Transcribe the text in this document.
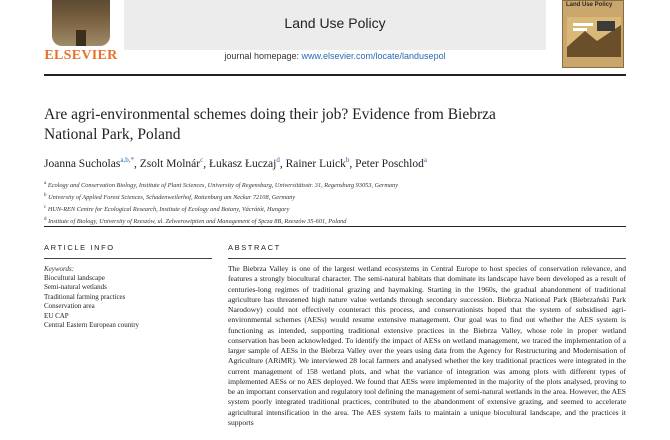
ELSEVIER
Land Use Policy
journal homepage: www.elsevier.com/locate/landusepol
Land Use Policy
Are agri-environmental schemes doing their job? Evidence from Biebrza
National Park, Poland
Joanna Sucholas$^{a,b,*}$, Zsolt Molnár$^c$, Łukasz Łuczaj$^d$, Rainer Luick$^b$, Peter Poschlod$^a$
$^a$ Ecology and Conservation Biology, Institute of Plant Sciences, University of Regensburg, Universitätsstr. 31, Regensburg 93053, Germany
$^b$ University of Applied Forest Sciences, Schadenweilerhof, Rottenburg am Neckar 72108, Germany
$^c$ HUN-REN Centre for Ecological Research, Institute of Ecology and Botany, Vácrátót, Hungary
$^d$ Institute of Biology, University of Rzeszów, ul. Zelwerowiptien and Management of Spcza 8B, Rzeszów 35-601, Poland
ARTICLE INFO
Keywords:
Biocultural landscape
Semi-natural wetlands
Traditional farming practices
Conservation area
EU CAP
Central Eastern European country
ABSTRACT
The Biebrza Valley is one of the largest wetland ecosystems in Central Europe to host species of conservation relevance, and features a strongly biocultural character. The semi-natural habitats that dominate its landscape have been developed as a result of centuries-long regimes of traditional grazing and haymaking. Starting in the 1960s, the gradual abandonment of traditional agriculture has threatened high nature value wetlands through secondary succession. Biebrza National Park (Biebrzański Park Narodowy) could not effectively counteract this process, and conservationists hoped that the system of subsidised agri-environmental schemes (AESs) would resume extensive management. Our goal was to find out whether the AES system is functioning as intended, supporting traditional extensive practices in the Biebrza Valley, whose role in proper wetland conservation has been acknowledged. To identify the impact of AESs on wetland management, we traced the implementation of a larger sample of AESs in the Biebrza Valley over the years using data from the Agency for Restructuring and Modernisation of Agriculture (ARiMR). We interviewed 28 local farmers and analysed whether the key traditional practices were integrated in the current management of 158 wetland plots, and what the variance of integration was among plots with different types of implemented AESs or no AES deployed. We found that AESs were implemented in the majority of the plots analysed, proving to be an important conservation and regulatory tool defining the management of semi-natural wetlands in the area. However, the AES system poorly integrated traditional practices, contributed to the abandonment of extensive grazing, and seemed to accelerate agricultural intensification in the area. The AES system fails to maintain a unique biocultural landscape, and the practices it supports
